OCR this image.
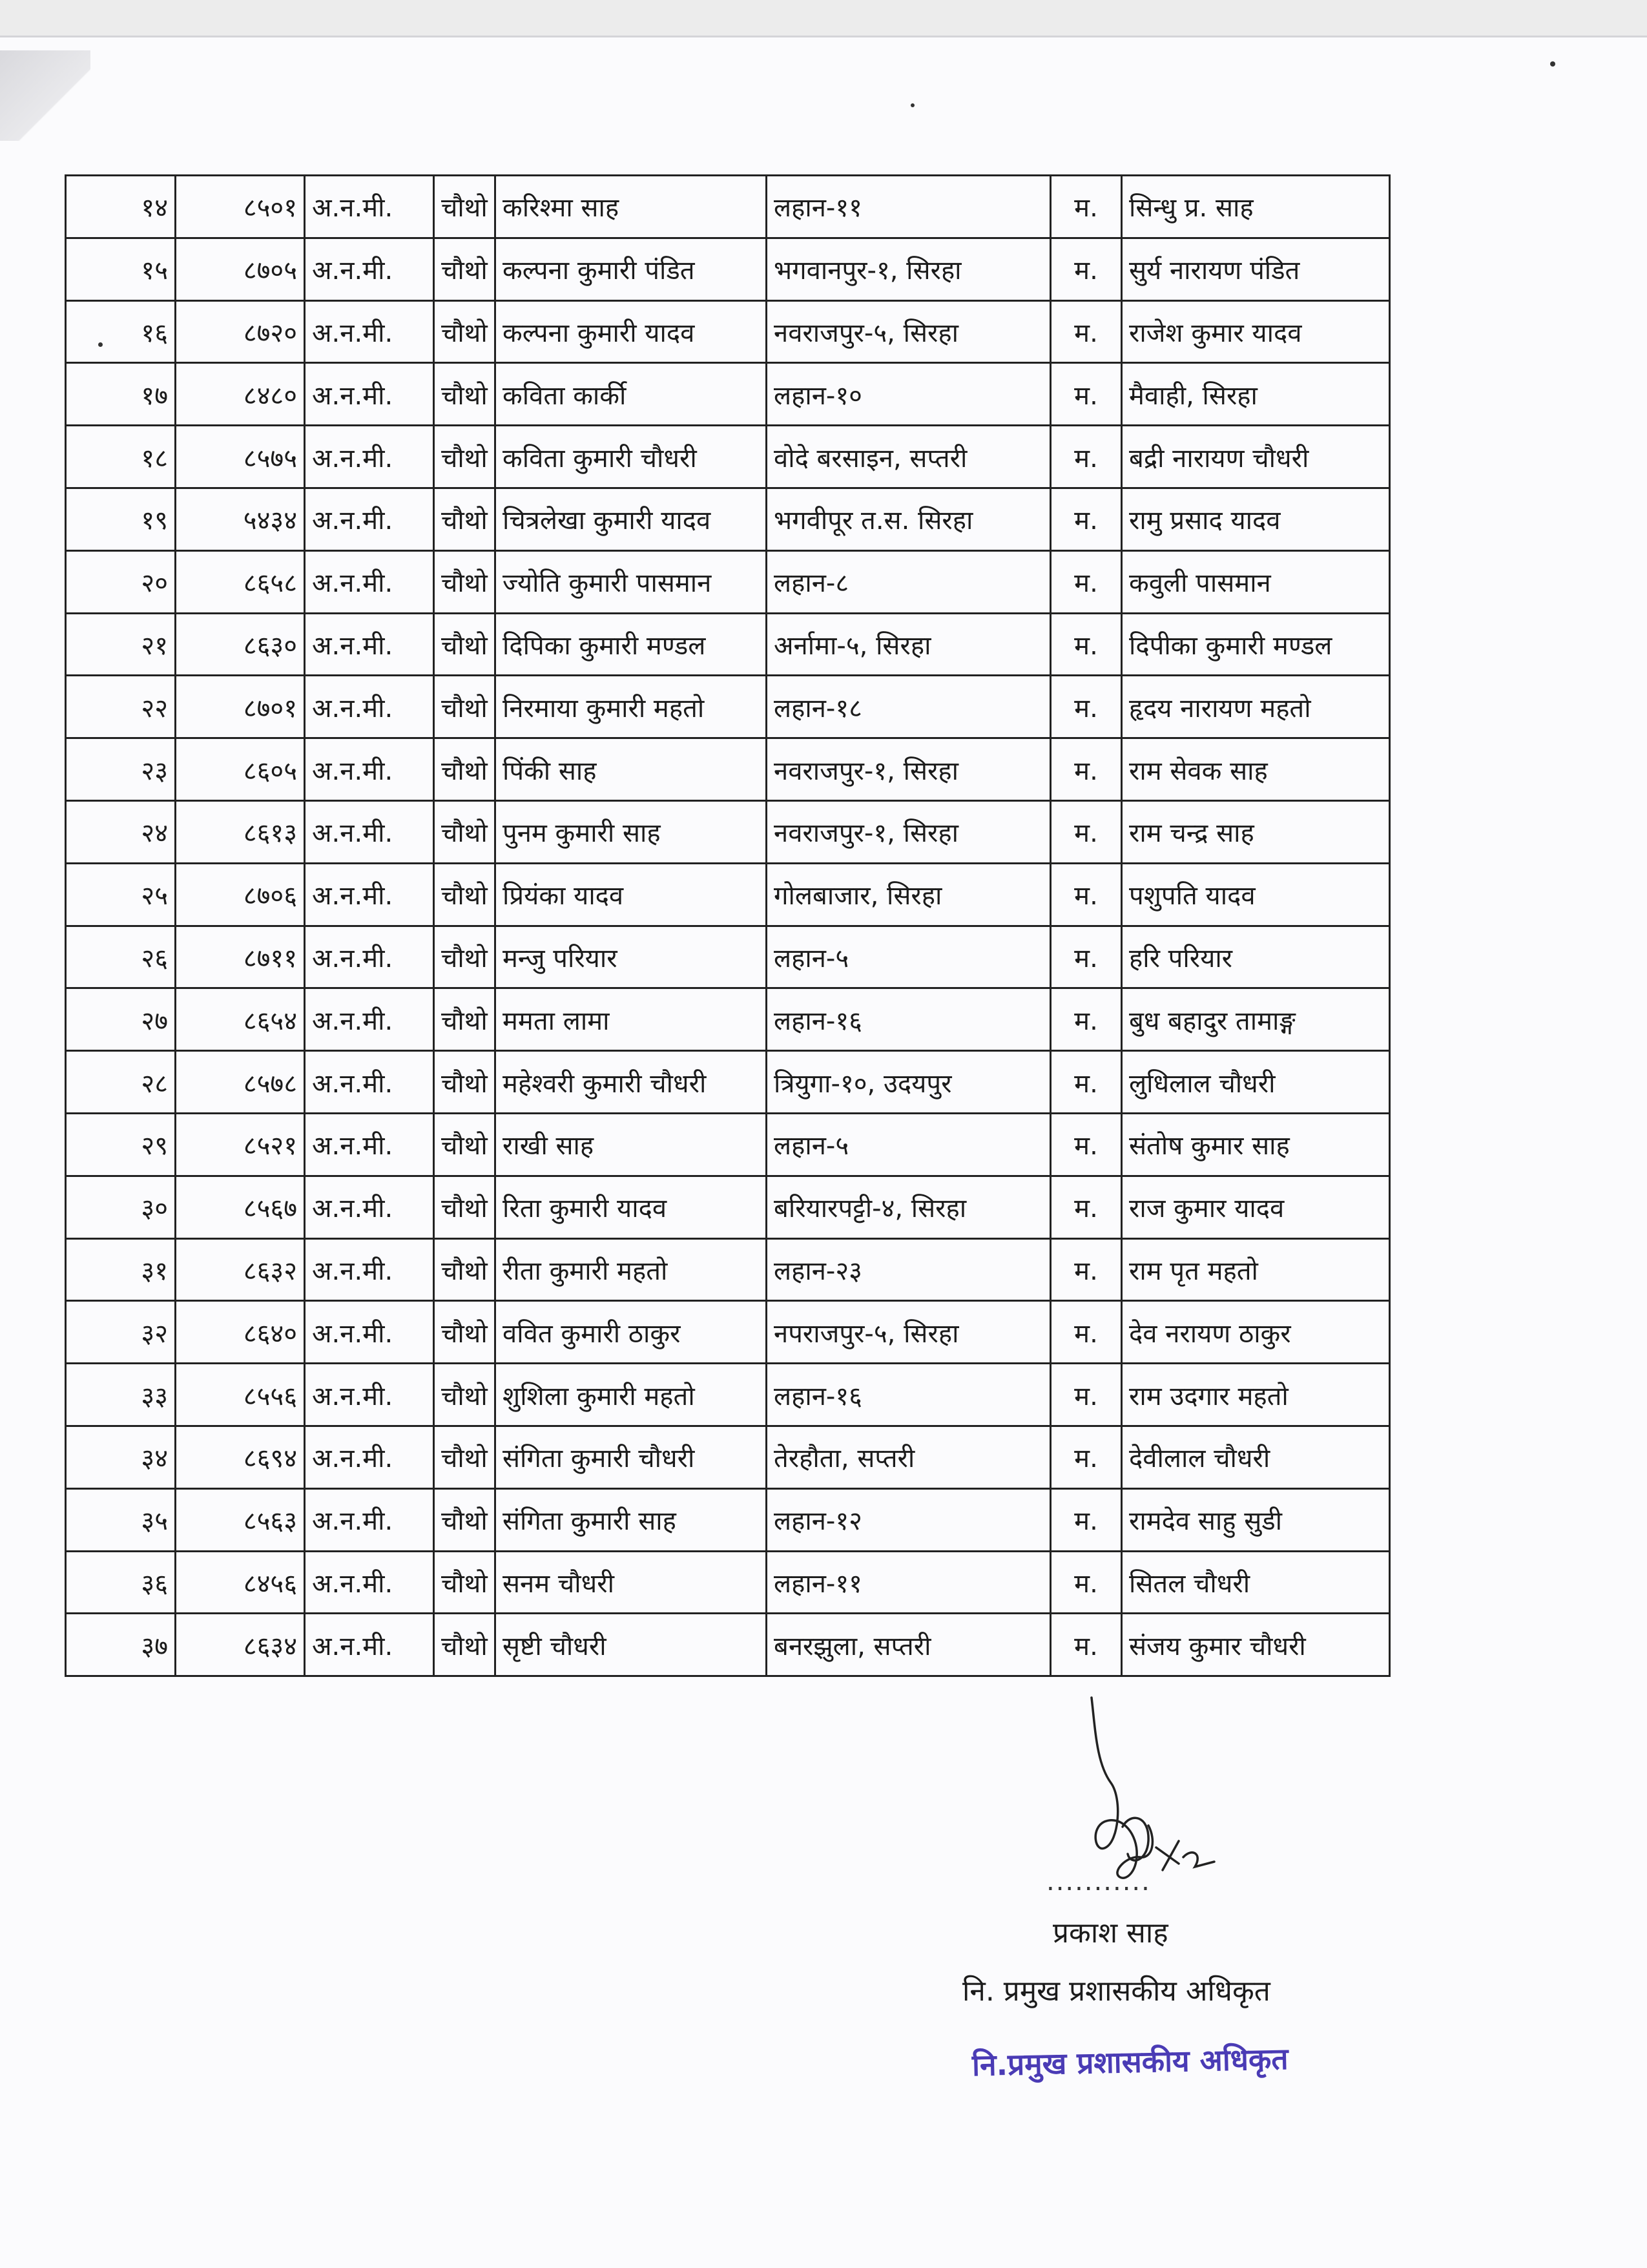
१४	८५०१	अ.न.मी.	चौथो	करिश्मा साह	लहान-११	म.	सिन्धु प्र. साह
१५	८७०५	अ.न.मी.	चौथो	कल्पना कुमारी पंडित	भगवानपुर-१, सिरहा	म.	सुर्य नारायण पंडित
१६	८७२०	अ.न.मी.	चौथो	कल्पना कुमारी यादव	नवराजपुर-५, सिरहा	म.	राजेश कुमार यादव
१७	८४८०	अ.न.मी.	चौथो	कविता कार्की	लहान-१०	म.	मैवाही, सिरहा
१८	८५७५	अ.न.मी.	चौथो	कविता कुमारी चौधरी	वोदे बरसाइन, सप्तरी	म.	बद्री नारायण चौधरी
१९	५४३४	अ.न.मी.	चौथो	चित्रलेखा कुमारी यादव	भगवीपूर त.स. सिरहा	म.	रामु प्रसाद यादव
२०	८६५८	अ.न.मी.	चौथो	ज्योति कुमारी पासमान	लहान-८	म.	कवुली पासमान
२१	८६३०	अ.न.मी.	चौथो	दिपिका कुमारी मण्डल	अर्नामा-५, सिरहा	म.	दिपीका कुमारी मण्डल
२२	८७०१	अ.न.मी.	चौथो	निरमाया कुमारी महतो	लहान-१८	म.	हृदय नारायण महतो
२३	८६०५	अ.न.मी.	चौथो	पिंकी साह	नवराजपुर-१, सिरहा	म.	राम सेवक साह
२४	८६१३	अ.न.मी.	चौथो	पुनम कुमारी साह	नवराजपुर-१, सिरहा	म.	राम चन्द्र साह
२५	८७०६	अ.न.मी.	चौथो	प्रियंका यादव	गोलबाजार, सिरहा	म.	पशुपति यादव
२६	८७११	अ.न.मी.	चौथो	मन्जु परियार	लहान-५	म.	हरि परियार
२७	८६५४	अ.न.मी.	चौथो	ममता लामा	लहान-१६	म.	बुध बहादुर तामाङ्ग
२८	८५७८	अ.न.मी.	चौथो	महेश्वरी कुमारी चौधरी	त्रियुगा-१०, उदयपुर	म.	लुधिलाल चौधरी
२९	८५२१	अ.न.मी.	चौथो	राखी साह	लहान-५	म.	संतोष कुमार साह
३०	८५६७	अ.न.मी.	चौथो	रिता कुमारी यादव	बरियारपट्टी-४, सिरहा	म.	राज कुमार यादव
३१	८६३२	अ.न.मी.	चौथो	रीता कुमारी महतो	लहान-२३	म.	राम पृत महतो
३२	८६४०	अ.न.मी.	चौथो	ववित कुमारी ठाकुर	नपराजपुर-५, सिरहा	म.	देव नरायण ठाकुर
३३	८५५६	अ.न.मी.	चौथो	शुशिला कुमारी महतो	लहान-१६	म.	राम उदगार महतो
३४	८६९४	अ.न.मी.	चौथो	संगिता कुमारी चौधरी	तेरहौता, सप्तरी	म.	देवीलाल चौधरी
३५	८५६३	अ.न.मी.	चौथो	संगिता कुमारी साह	लहान-१२	म.	रामदेव साहु सुडी
३६	८४५६	अ.न.मी.	चौथो	सनम चौधरी	लहान-११	म.	सितल चौधरी
३७	८६३४	अ.न.मी.	चौथो	सृष्टी चौधरी	बनरझुला, सप्तरी	म.	संजय कुमार चौधरी
...........
प्रकाश साह
नि. प्रमुख प्रशासकीय अधिकृत
नि.प्रमुख प्रशासकीय अधिकृत
